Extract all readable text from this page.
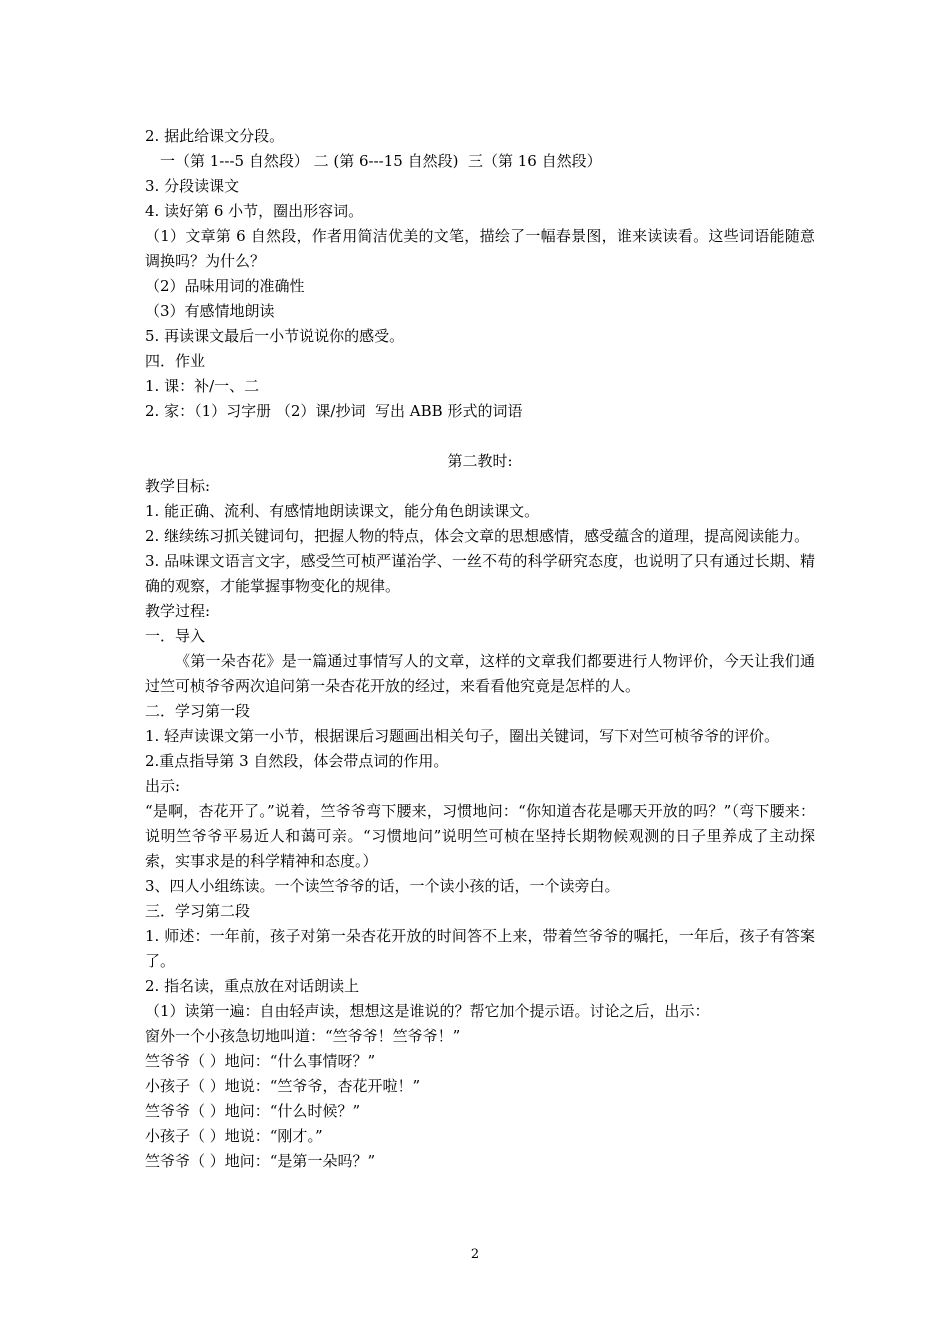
2. 据此给课文分段。

一（第 1---5 自然段） 二 (第 6---15 自然段)  三（第 16 自然段）

3. 分段读课文

4. 读好第 6 小节，圈出形容词。

（1）文章第 6 自然段，作者用简洁优美的文笔，描绘了一幅春景图，谁来读读看。这些词语能随意调换吗？为什么？

（2）品味用词的准确性

（3）有感情地朗读

5. 再读课文最后一小节说说你的感受。

四．作业

1. 课：补/一、二

2. 家：（1）习字册 （2）课/抄词  写出 ABB 形式的词语

第二教时:

教学目标:

1. 能正确、流利、有感情地朗读课文，能分角色朗读课文。

2. 继续练习抓关键词句，把握人物的特点，体会文章的思想感情，感受蕴含的道理，提高阅读能力。

3. 品味课文语言文字，感受竺可桢严谨治学、一丝不苟的科学研究态度，也说明了只有通过长期、精确的观察，才能掌握事物变化的规律。

教学过程:

一．导入

《第一朵杏花》是一篇通过事情写人的文章，这样的文章我们都要进行人物评价，今天让我们通过竺可桢爷爷两次追问第一朵杏花开放的经过，来看看他究竟是怎样的人。

二．学习第一段

1. 轻声读课文第一小节，根据课后习题画出相关句子，圈出关键词，写下对竺可桢爷爷的评价。

2.重点指导第 3 自然段，体会带点词的作用。

出示:

“是啊，杏花开了。”说着，竺爷爷弯下腰来，习惯地问：“你知道杏花是哪天开放的吗？”（弯下腰来：说明竺爷爷平易近人和蔼可亲。“习惯地问”说明竺可桢在坚持长期物候观测的日子里养成了主动探索，实事求是的科学精神和态度。）

3、四人小组练读。一个读竺爷爷的话，一个读小孩的话，一个读旁白。

三．学习第二段

1. 师述：一年前，孩子对第一朵杏花开放的时间答不上来，带着竺爷爷的嘱托，一年后，孩子有答案了。

2. 指名读，重点放在对话朗读上

（1）读第一遍：自由轻声读，想想这是谁说的？帮它加个提示语。讨论之后，出示：

窗外一个小孩急切地叫道：“竺爷爷！竺爷爷！”

竺爷爷（ ）地问：“什么事情呀？”

小孩子（ ）地说：“竺爷爷，杏花开啦！”

竺爷爷（ ）地问：“什么时候？”

小孩子（ ）地说：“刚才。”

竺爷爷（ ）地问：“是第一朵吗？”

2
